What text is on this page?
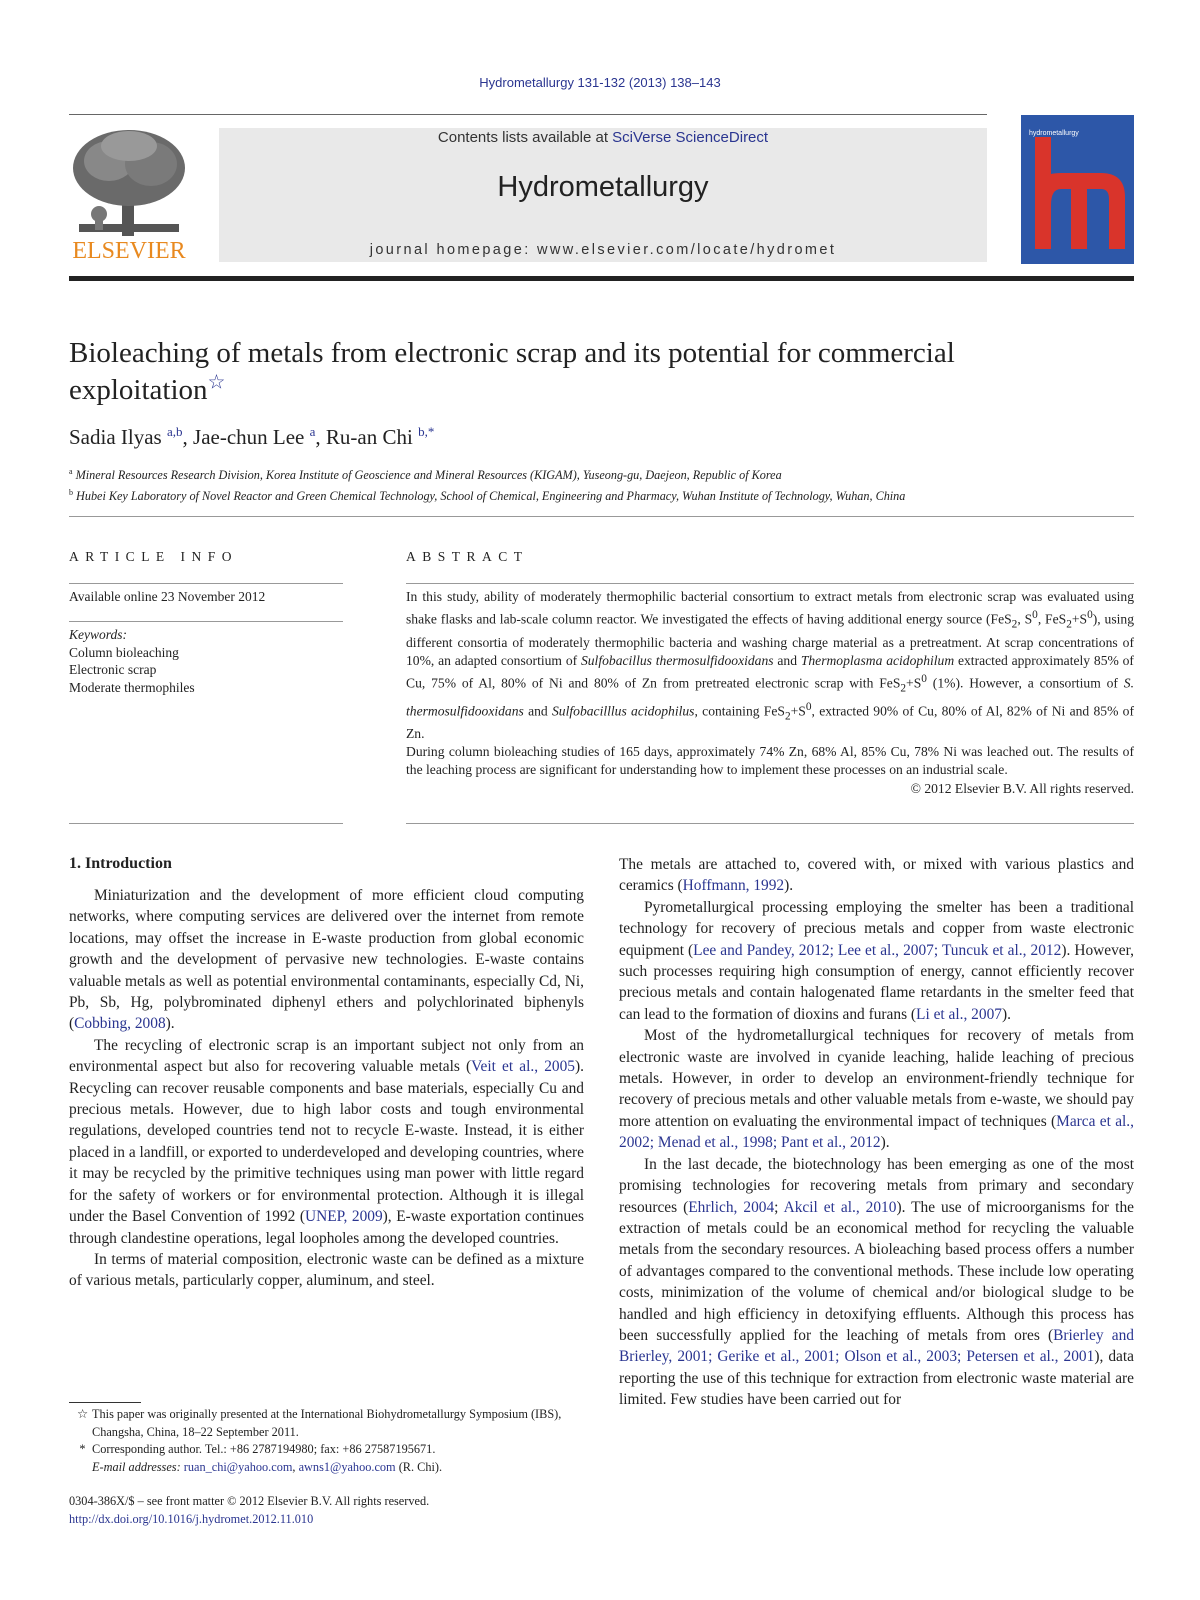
Hydrometallurgy 131-132 (2013) 138–143
ELSEVIER
Contents lists available at SciVerse ScienceDirect
Hydrometallurgy
journal homepage: www.elsevier.com/locate/hydromet
hydrometallurgy
Bioleaching of metals from electronic scrap and its potential for commercial exploitation☆
Sadia Ilyas $^{a,b}$, Jae-chun Lee $^a$, Ru-an Chi $^{b,*}$
$^a$ Mineral Resources Research Division, Korea Institute of Geoscience and Mineral Resources (KIGAM), Yuseong-gu, Daejeon, Republic of Korea
$^b$ Hubei Key Laboratory of Novel Reactor and Green Chemical Technology, School of Chemical, Engineering and Pharmacy, Wuhan Institute of Technology, Wuhan, China
ARTICLE INFO
Available online 23 November 2012
Keywords:
Column bioleaching
Electronic scrap
Moderate thermophiles
ABSTRACT

In this study, ability of moderately thermophilic bacterial consortium to extract metals from electronic scrap was evaluated using shake flasks and lab-scale column reactor. We investigated the effects of having additional energy source (FeS$_2$, $S^0$, $FeS_2+S^0$), using different consortia of moderately thermophilic bacteria and washing charge material as a pretreatment. At scrap concentrations of 10%, an adapted consortium of Sulfobacillus thermosulfidooxidans and Thermoplasma acidophilum extracted approximately 85% of Cu, 75% of Al, 80% of Ni and 80% of Zn from pretreated electronic scrap with $FeS_2+S^0$ (1%). However, a consortium of S. thermosulfidooxidans and Sulfobacilllus acidophilus, containing $FeS_2+S^0$, extracted 90% of Cu, 80% of Al, 82% of Ni and 85% of Zn.

During column bioleaching studies of 165 days, approximately 74% Zn, 68% Al, 85% Cu, 78% Ni was leached out. The results of the leaching process are significant for understanding how to implement these processes on an industrial scale.

© 2012 Elsevier B.V. All rights reserved.
1. Introduction

Miniaturization and the development of more efficient cloud computing networks, where computing services are delivered over the internet from remote locations, may offset the increase in E-waste production from global economic growth and the development of pervasive new technologies. E-waste contains valuable metals as well as potential environmental contaminants, especially Cd, Ni, Pb, Sb, Hg, polybrominated diphenyl ethers and polychlorinated biphenyls (Cobbing, 2008).

The recycling of electronic scrap is an important subject not only from an environmental aspect but also for recovering valuable metals (Veit et al., 2005). Recycling can recover reusable components and base materials, especially Cu and precious metals. However, due to high labor costs and tough environmental regulations, developed countries tend not to recycle E-waste. Instead, it is either placed in a landfill, or exported to underdeveloped and developing countries, where it may be recycled by the primitive techniques using man power with little regard for the safety of workers or for environmental protection. Although it is illegal under the Basel Convention of 1992 (UNEP, 2009), E-waste exportation continues through clandestine operations, legal loopholes among the developed countries.

In terms of material composition, electronic waste can be defined as a mixture of various metals, particularly copper, aluminum, and steel.

The metals are attached to, covered with, or mixed with various plastics and ceramics (Hoffmann, 1992).

Pyrometallurgical processing employing the smelter has been a traditional technology for recovery of precious metals and copper from waste electronic equipment (Lee and Pandey, 2012; Lee et al., 2007; Tuncuk et al., 2012). However, such processes requiring high consumption of energy, cannot efficiently recover precious metals and contain halogenated flame retardants in the smelter feed that can lead to the formation of dioxins and furans (Li et al., 2007).

Most of the hydrometallurgical techniques for recovery of metals from electronic waste are involved in cyanide leaching, halide leaching of precious metals. However, in order to develop an environment-friendly technique for recovery of precious metals and other valuable metals from e-waste, we should pay more attention on evaluating the environmental impact of techniques (Marca et al., 2002; Menad et al., 1998; Pant et al., 2012).

In the last decade, the biotechnology has been emerging as one of the most promising technologies for recovering metals from primary and secondary resources (Ehrlich, 2004; Akcil et al., 2010). The use of microorganisms for the extraction of metals could be an economical method for recycling the valuable metals from the secondary resources. A bioleaching based process offers a number of advantages compared to the conventional methods. These include low operating costs, minimization of the volume of chemical and/or biological sludge to be handled and high efficiency in detoxifying effluents. Although this process has been successfully applied for the leaching of metals from ores (Brierley and Brierley, 2001; Gerike et al., 2001; Olson et al., 2003; Petersen et al., 2001), data reporting the use of this technique for extraction from electronic waste material are limited. Few studies have been carried out for

☆ This paper was originally presented at the International Biohydrometallurgy Symposium (IBS), Changsha, China, 18–22 September 2011.
* Corresponding author. Tel.: +86 2787194980; fax: +86 27587195671.
E-mail addresses: ruan_chi@yahoo.com, awns1@yahoo.com (R. Chi).
0304-386X/$ – see front matter © 2012 Elsevier B.V. All rights reserved.
http://dx.doi.org/10.1016/j.hydromet.2012.11.010
